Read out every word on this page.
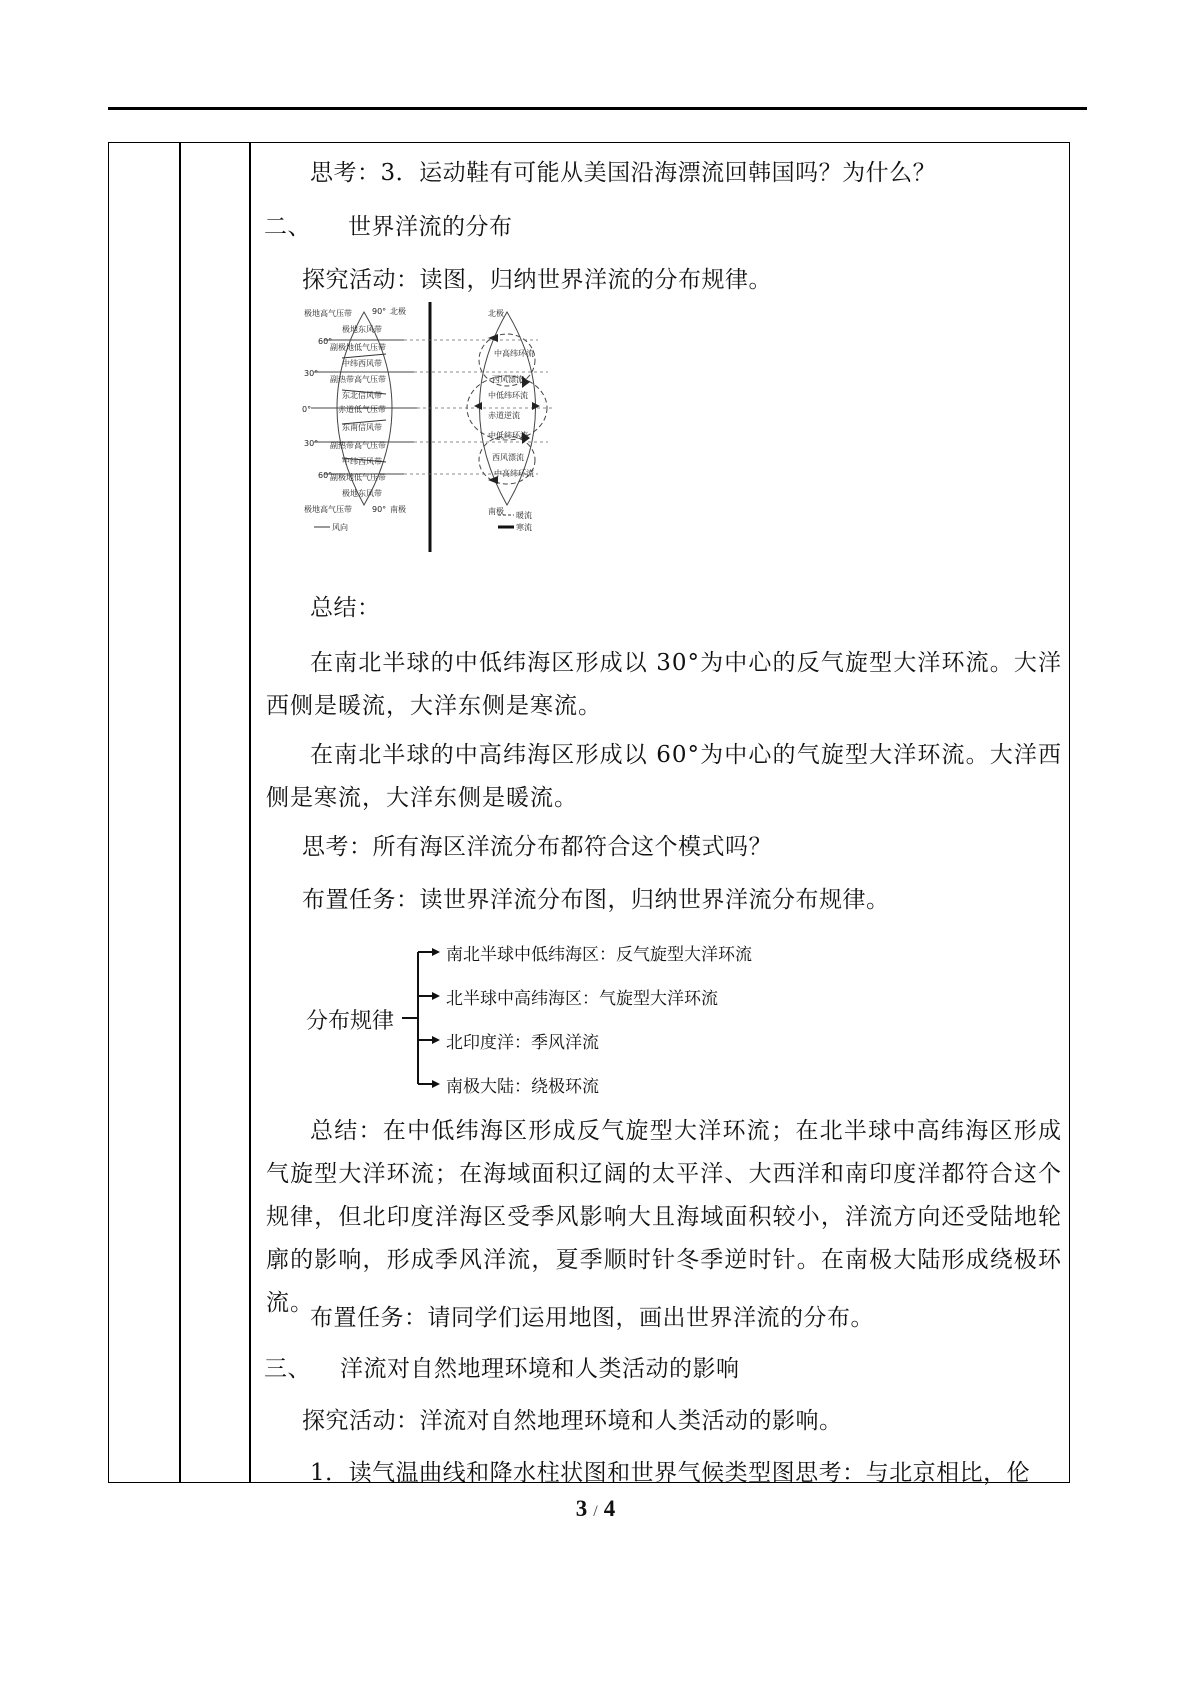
思考：3．运动鞋有可能从美国沿海漂流回韩国吗？为什么？
二、 世界洋流的分布
探究活动：读图，归纳世界洋流的分布规律。
极地高气压带
极地东风带
副极地低气压带
中纬西风带
副热带高气压带
东北信风带
赤道低气压带
东南信风带
副热带高气压带
中纬西风带
副极地低气压带
极地东风带
极地高气压带
90° 北极
60°
30°
0°
30°
60°
90° 南极
风向
北极
中高纬环流
西风漂流
中低纬环流
赤道逆流
中低纬环流
西风漂流
中高纬环流
南极 暖流
寒流
总结：
在南北半球的中低纬海区形成以 30°为中心的反气旋型大洋环流。大洋西侧是暖流，大洋东侧是寒流。
在南北半球的中高纬海区形成以 60°为中心的气旋型大洋环流。大洋西侧是寒流，大洋东侧是暖流。
思考：所有海区洋流分布都符合这个模式吗？
布置任务：读世界洋流分布图，归纳世界洋流分布规律。
分布规律
南北半球中低纬海区：反气旋型大洋环流
北半球中高纬海区：气旋型大洋环流
北印度洋：季风洋流
南极大陆：绕极环流
总结：在中低纬海区形成反气旋型大洋环流；在北半球中高纬海区形成气旋型大洋环流；在海域面积辽阔的太平洋、大西洋和南印度洋都符合这个规律，但北印度洋海区受季风影响大且海域面积较小，洋流方向还受陆地轮廓的影响，形成季风洋流，夏季顺时针冬季逆时针。在南极大陆形成绕极环流。
布置任务：请同学们运用地图，画出世界洋流的分布。
三、 洋流对自然地理环境和人类活动的影响
探究活动：洋流对自然地理环境和人类活动的影响。
1．读气温曲线和降水柱状图和世界气候类型图思考：与北京相比，伦
3 / 4
